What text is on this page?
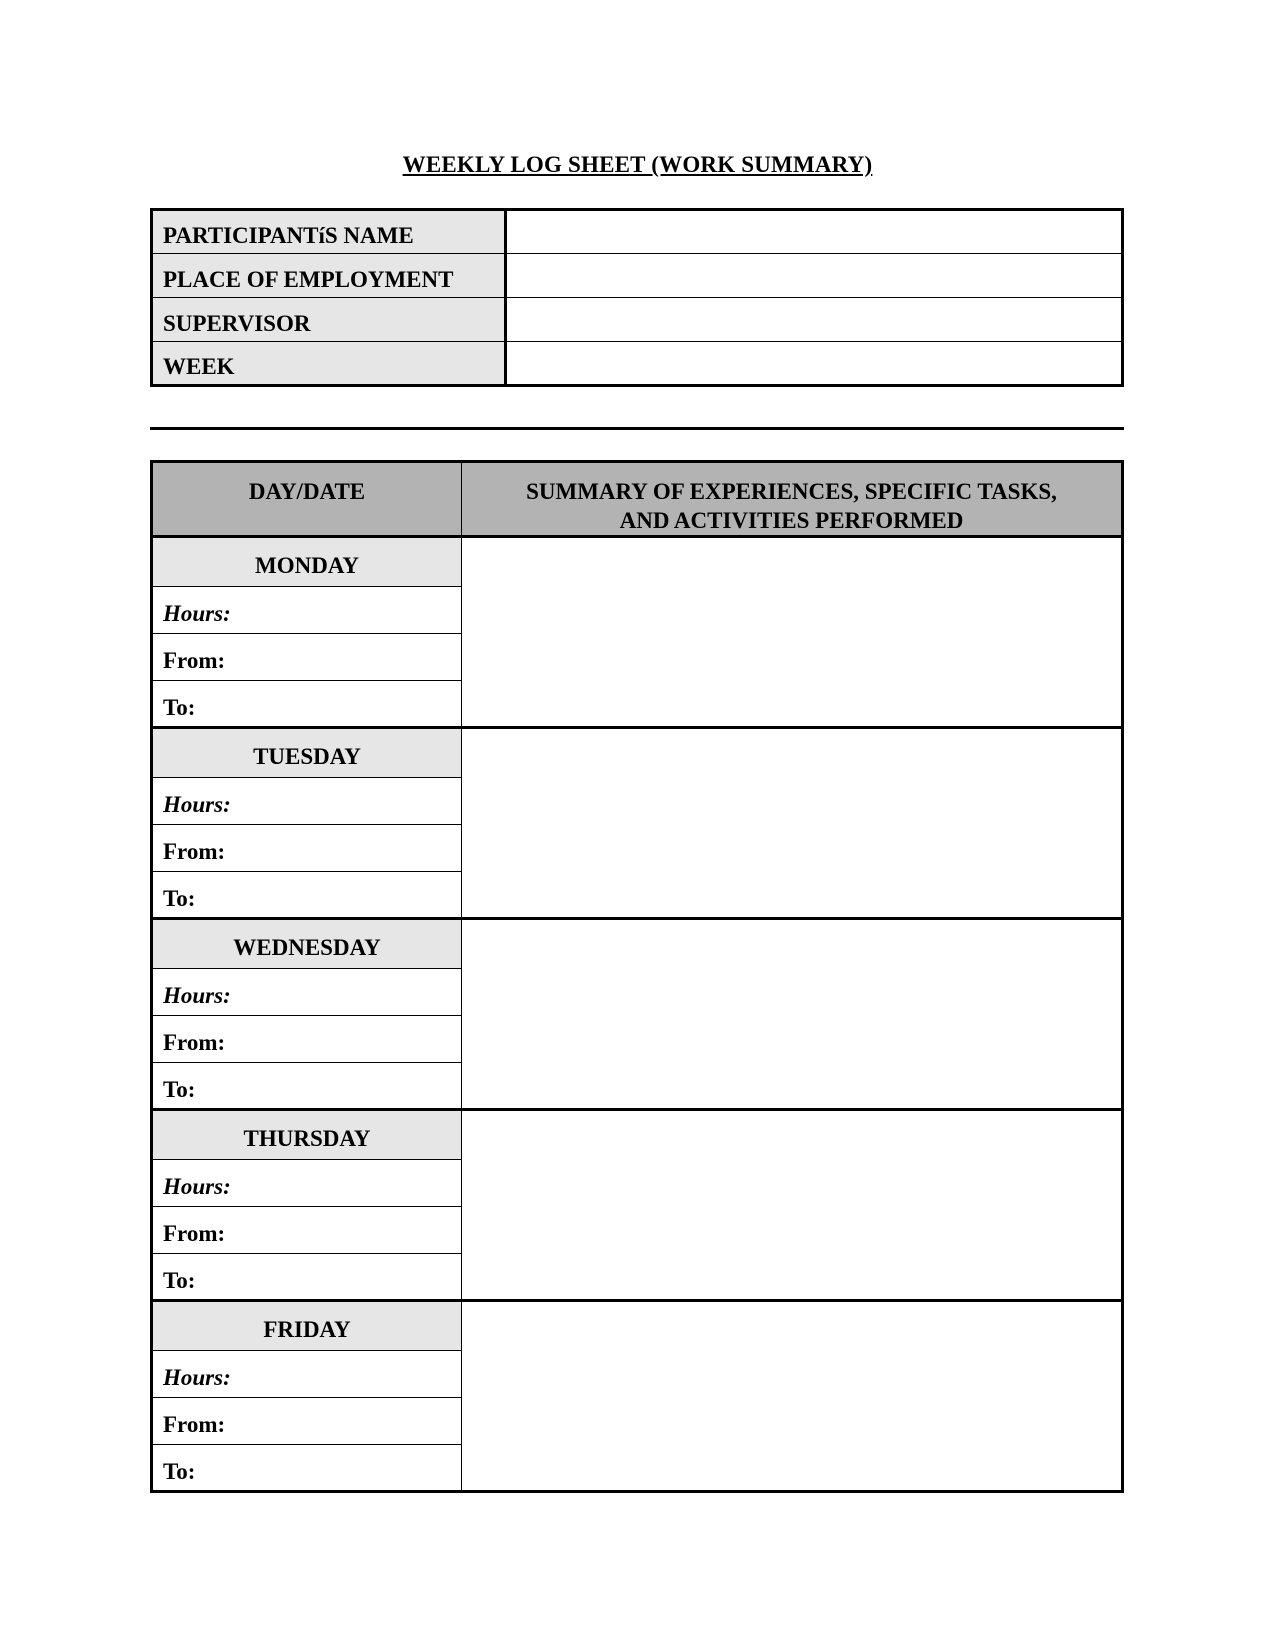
WEEKLY LOG SHEET (WORK SUMMARY)
PARTICIPANTíS NAME	
PLACE OF EMPLOYMENT	
SUPERVISOR	
WEEK	
DAY/DATE	SUMMARY OF EXPERIENCES, SPECIFIC TASKS,
AND ACTIVITIES PERFORMED
MONDAY	
Hours:	
From:	
To:	
TUESDAY	
Hours:	
From:	
To:	
WEDNESDAY	
Hours:	
From:	
To:	
THURSDAY	
Hours:	
From:	
To:	
FRIDAY	
Hours:	
From:	
To:	
